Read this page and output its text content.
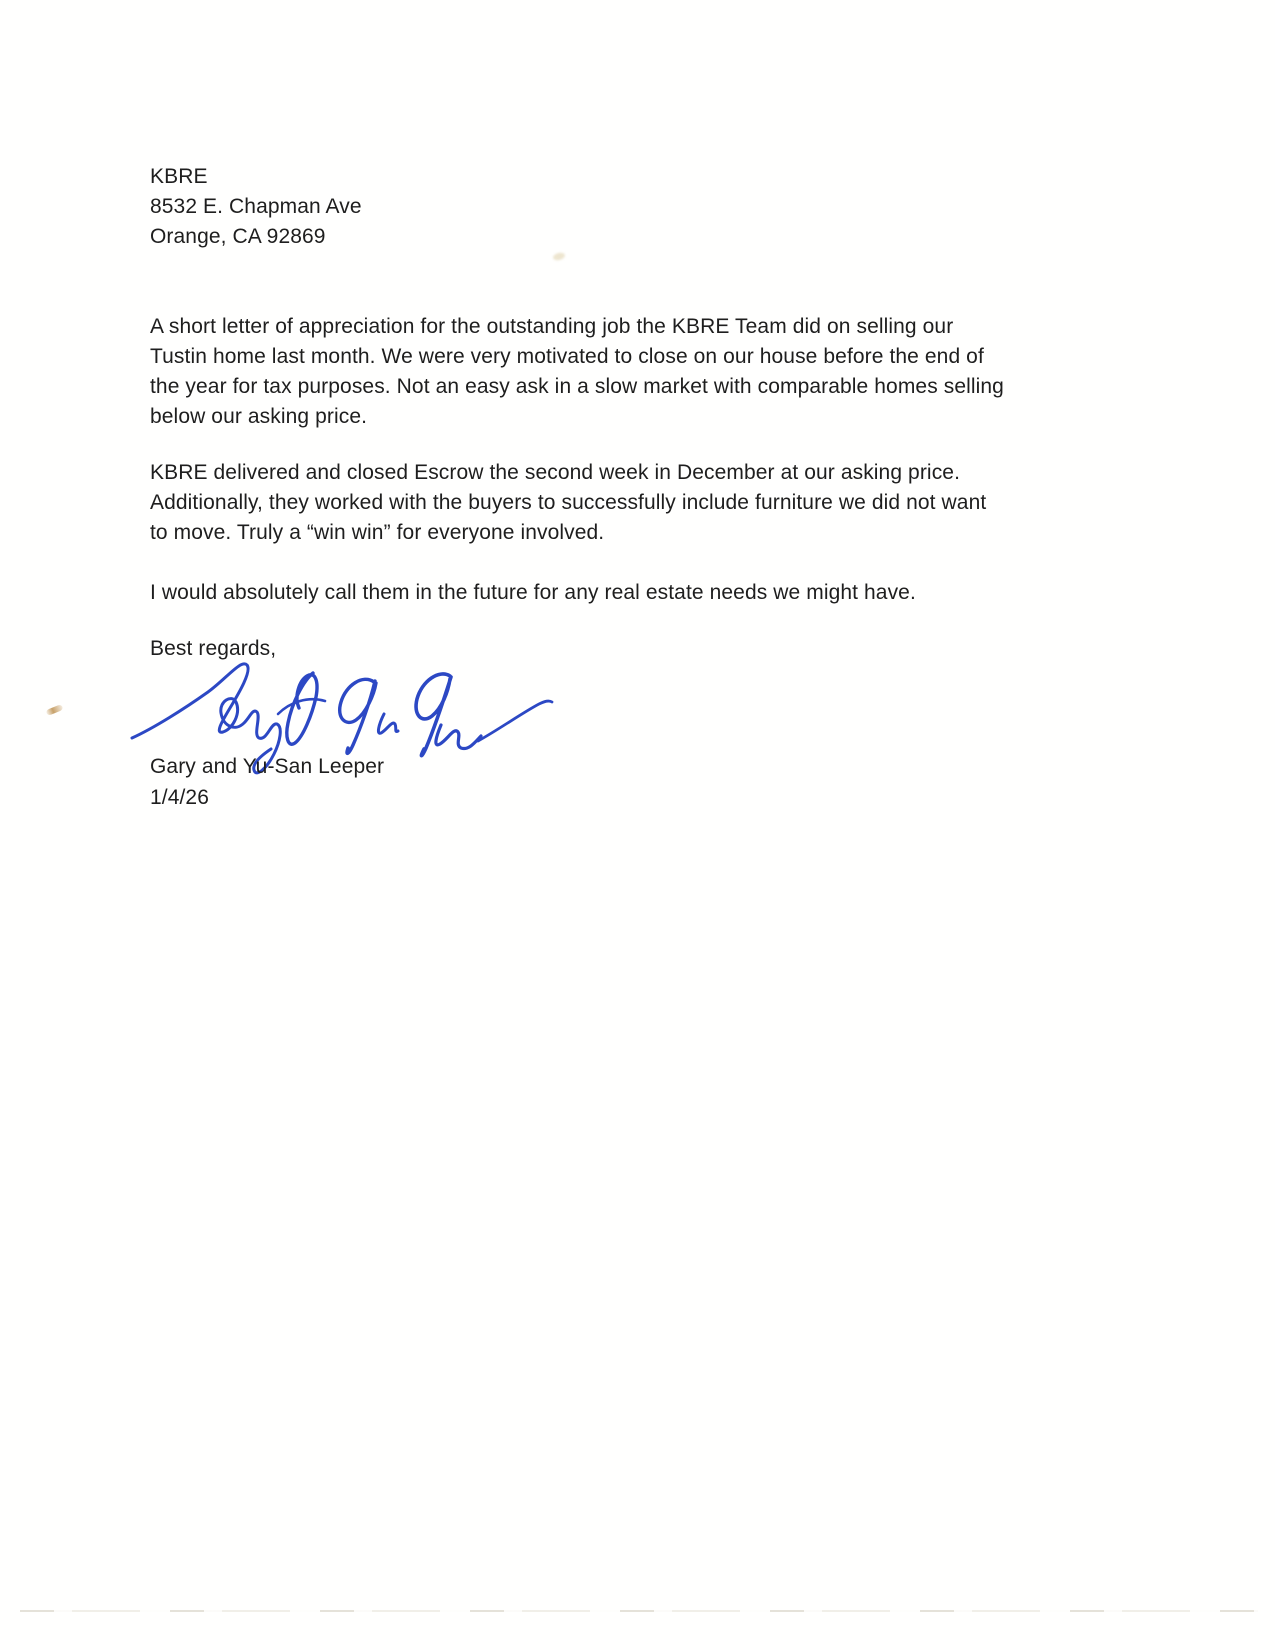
KBRE
8532 E. Chapman Ave
Orange, CA 92869
A short letter of appreciation for the outstanding job the KBRE Team did on selling our
Tustin home last month. We were very motivated to close on our house before the end of
the year for tax purposes. Not an easy ask in a slow market with comparable homes selling
below our asking price.
KBRE delivered and closed Escrow the second week in December at our asking price.
Additionally, they worked with the buyers to successfully include furniture we did not want
to move. Truly a “win win” for everyone involved.
I would absolutely call them in the future for any real estate needs we might have.
Best regards,
Gary and Yu-San Leeper
1/4/26
